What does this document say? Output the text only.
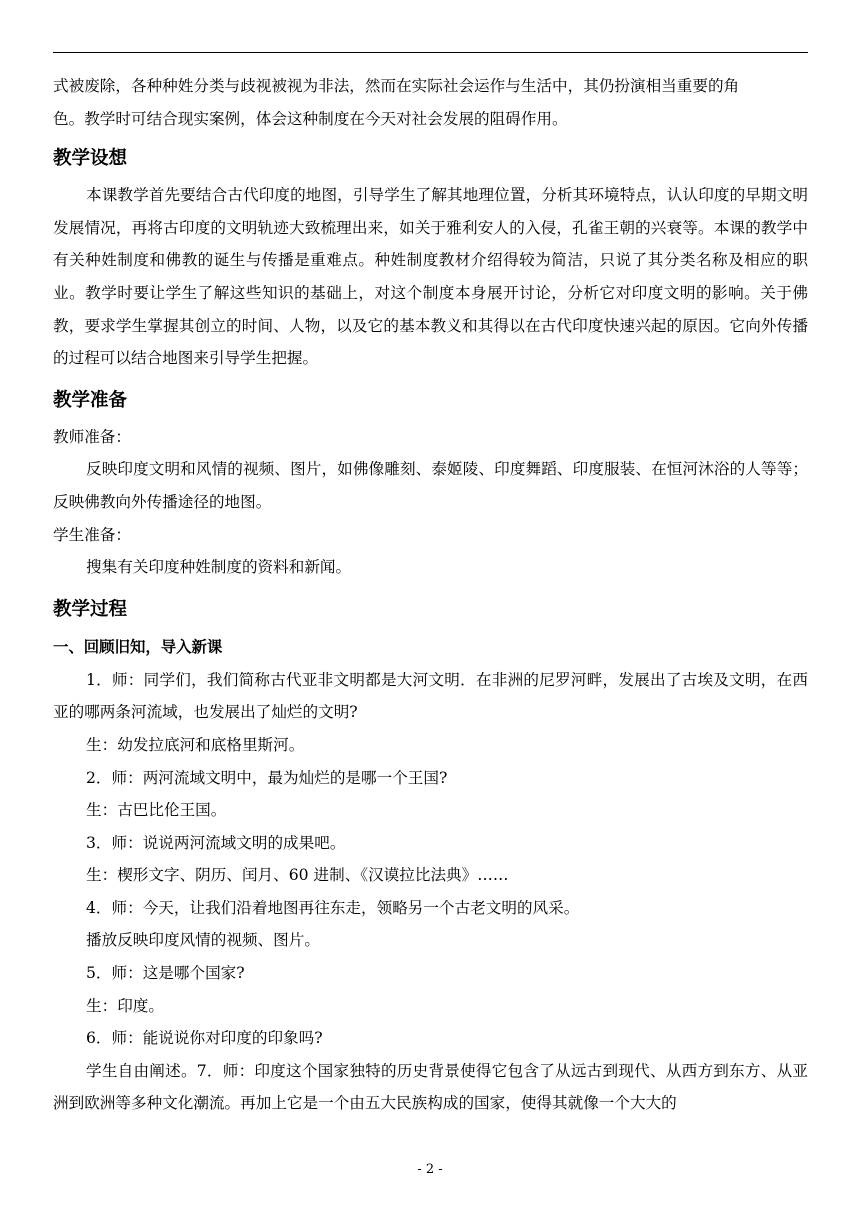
式被废除，各种种姓分类与歧视被视为非法，然而在实际社会运作与生活中，其仍扮演相当重要的角

色。教学时可结合现实案例，体会这种制度在今天对社会发展的阻碍作用。

教学设想

本课教学首先要结合古代印度的地图，引导学生了解其地理位置，分析其环境特点，认认印度的早期文明发展情况，再将古印度的文明轨迹大致梳理出来，如关于雅利安人的入侵，孔雀王朝的兴衰等。本课的教学中有关种姓制度和佛教的诞生与传播是重难点。种姓制度教材介绍得较为简洁，只说了其分类名称及相应的职业。教学时要让学生了解这些知识的基础上，对这个制度本身展开讨论，分析它对印度文明的影响。关于佛教，要求学生掌握其创立的时间、人物，以及它的基本教义和其得以在古代印度快速兴起的原因。它向外传播的过程可以结合地图来引导学生把握。

教学准备

教师准备：

反映印度文明和风情的视频、图片，如佛像雕刻、泰姬陵、印度舞蹈、印度服装、在恒河沐浴的人等等；反映佛教向外传播途径的地图。

学生准备：

搜集有关印度种姓制度的资料和新闻。

教学过程

一、回顾旧知，导入新课

1．师：同学们，我们简称古代亚非文明都是大河文明．在非洲的尼罗河畔，发展出了古埃及文明，在西亚的哪两条河流域，也发展出了灿烂的文明?

生：幼发拉底河和底格里斯河。

2．师：两河流域文明中，最为灿烂的是哪一个王国?

生：古巴比伦王国。

3．师：说说两河流域文明的成果吧。

生：楔形文字、阴历、闰月、60 进制、《汉谟拉比法典》……

4．师：今天，让我们沿着地图再往东走，领略另一个古老文明的风采。

播放反映印度风情的视频、图片。

5．师：这是哪个国家?

生：印度。

6．师：能说说你对印度的印象吗?

学生自由阐述。7．师：印度这个国家独特的历史背景使得它包含了从远古到现代、从西方到东方、从亚洲到欧洲等多种文化潮流。再加上它是一个由五大民族构成的国家，使得其就像一个大大的

- 2 -
